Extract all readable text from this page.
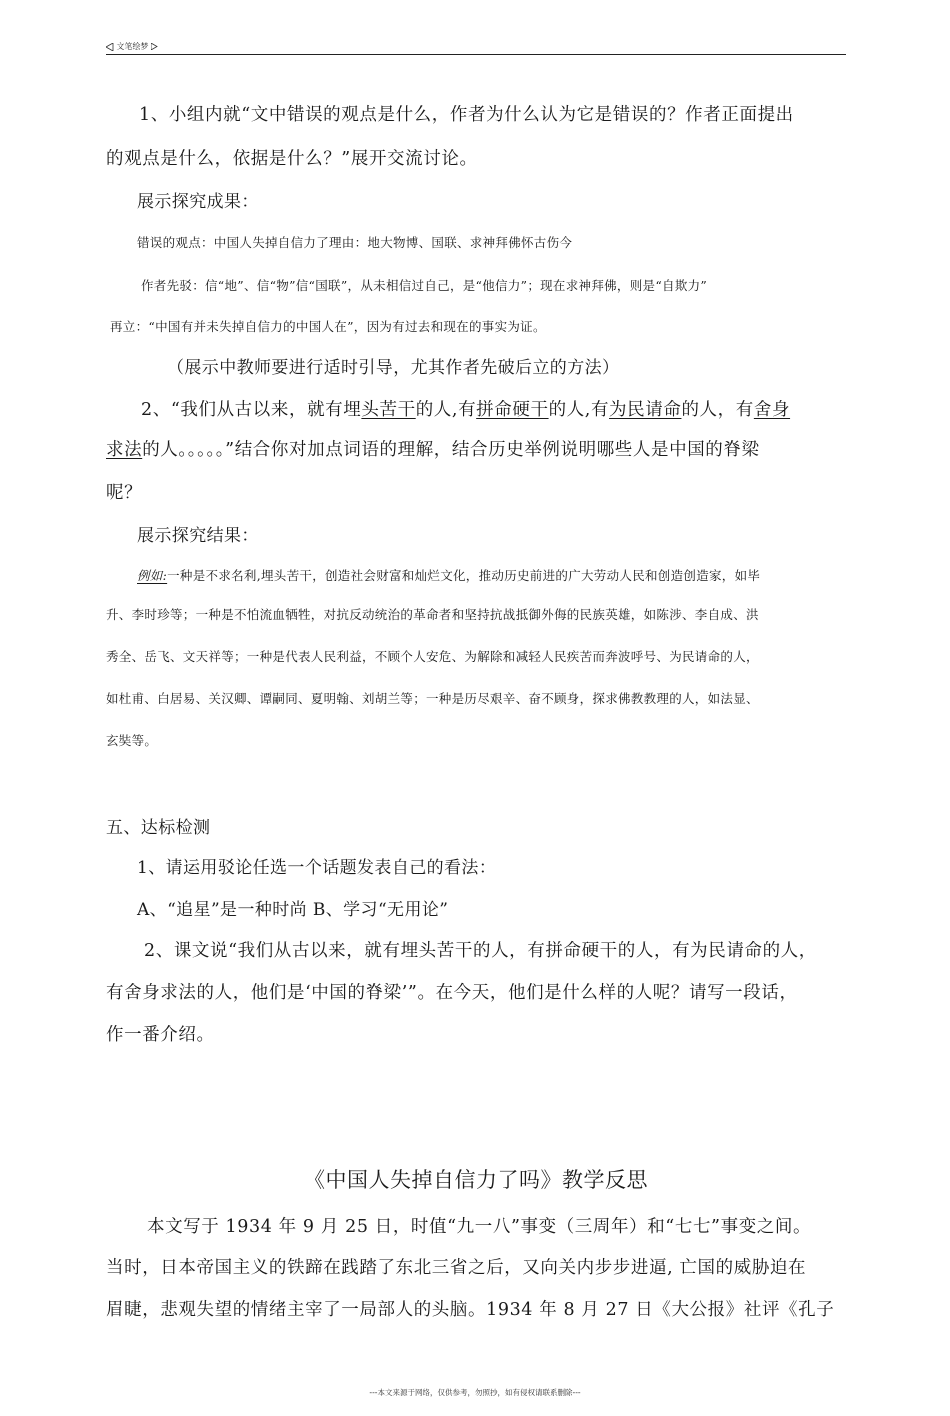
文笔绘梦
1、小组内就“文中错误的观点是什么，作者为什么认为它是错误的？作者正面提出
的观点是什么，依据是什么？”展开交流讨论。
展示探究成果：
错误的观点：中国人失掉自信力了理由：地大物博、国联、求神拜佛怀古伤今
作者先驳：信“地”、信“物”信“国联”，从未相信过自己，是“他信力”；现在求神拜佛，则是“自欺力”
再立：“中国有并未失掉自信力的中国人在”，因为有过去和现在的事实为证。
（展示中教师要进行适时引导，尤其作者先破后立的方法）
2、“我们从古以来，就有埋头苦干的人,有拼命硬干的人,有为民请命的人，有舍身
求法的人。。。。。”结合你对加点词语的理解，结合历史举例说明哪些人是中国的脊梁
呢？
展示探究结果：
例如:一种是不求名利,埋头苦干，创造社会财富和灿烂文化，推动历史前进的广大劳动人民和创造创造家，如毕
升、李时珍等；一种是不怕流血牺牲，对抗反动统治的革命者和坚持抗战抵御外侮的民族英雄，如陈涉、李自成、洪
秀全、岳飞、文天祥等；一种是代表人民利益，不顾个人安危、为解除和减轻人民疾苦而奔波呼号、为民请命的人，
如杜甫、白居易、关汉卿、谭嗣同、夏明翰、刘胡兰等；一种是历尽艰辛、奋不顾身，探求佛教教理的人，如法显、
玄奘等。
五、达标检测
1、请运用驳论任选一个话题发表自己的看法：
A、“追星”是一种时尚 B、学习“无用论”
2、课文说“我们从古以来，就有埋头苦干的人，有拼命硬干的人，有为民请命的人，
有舍身求法的人，他们是‘中国的脊梁’”。在今天，他们是什么样的人呢？请写一段话，
作一番介绍。
《中国人失掉自信力了吗》教学反思
本文写于 1934 年 9 月 25 日，时值“九一八”事变（三周年）和“七七”事变之间。
当时，日本帝国主义的铁蹄在践踏了东北三省之后，又向关内步步进逼, 亡国的威胁迫在
眉睫，悲观失望的情绪主宰了一局部人的头脑。1934 年 8 月 27 日《大公报》社评《孔子
---本文来源于网络，仅供参考，勿照抄，如有侵权请联系删除---
